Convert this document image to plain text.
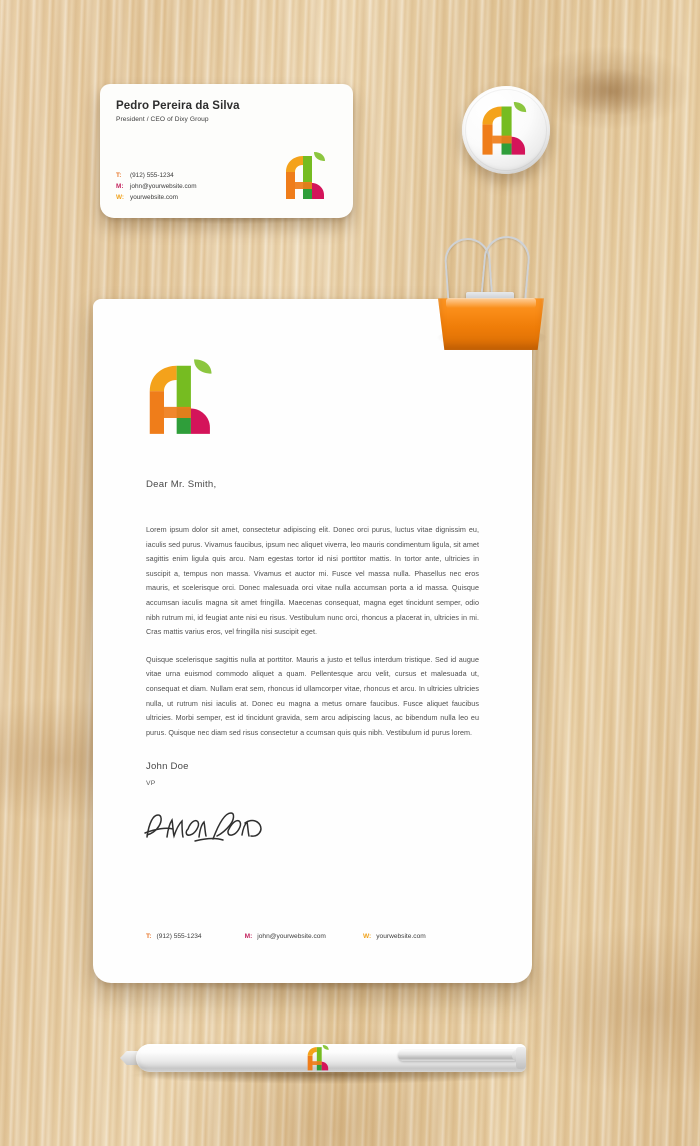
Pedro Pereira da Silva
President / CEO of Dixy Group
T:	(912) 555-1234
M:	john@yourwebsite.com
W: yourwebsite.com
Dear Mr. Smith,

Lorem ipsum dolor sit amet, consectetur adipiscing elit. Donec orci purus, luctus vitae dignissim eu, iaculis sed purus. Vivamus faucibus, ipsum nec aliquet viverra, leo mauris condimentum ligula, sit amet sagittis enim ligula quis arcu. Nam egestas tortor id nisi porttitor mattis. In tortor ante, ultricies in suscipit a, tempus non massa. Vivamus et auctor mi. Fusce vel massa nulla. Phasellus nec eros mauris, et scelerisque orci. Donec malesuada orci vitae nulla accumsan porta a id massa. Quisque accumsan iaculis magna sit amet fringilla. Maecenas consequat, magna eget tincidunt semper, odio nibh rutrum mi, id feugiat ante nisi eu risus. Vestibulum nunc orci, rhoncus a placerat in, ultricies in mi. Cras mattis varius eros, vel fringilla nisi suscipit eget.

Quisque scelerisque sagittis nulla at porttitor. Mauris a justo et tellus interdum tristique. Sed id augue vitae urna euismod commodo aliquet a quam. Pellentesque arcu velit, cursus et malesuada ut, consequat et diam. Nullam erat sem, rhoncus id ullamcorper vitae, rhoncus et arcu. In ultricies ultricies nulla, ut rutrum nisi iaculis at. Donec eu magna a metus ornare faucibus. Fusce aliquet faucibus ultricies. Morbi semper, est id tincidunt gravida, sem arcu adipiscing lacus, ac bibendum nulla leo eu purus. Quisque nec diam sed risus consectetur a ccumsan quis quis nibh. Vestibulum id purus lorem.

John Doe
VP
T: (912) 555-1234	M: john@yourwebsite.com	W: yourwebsite.com
